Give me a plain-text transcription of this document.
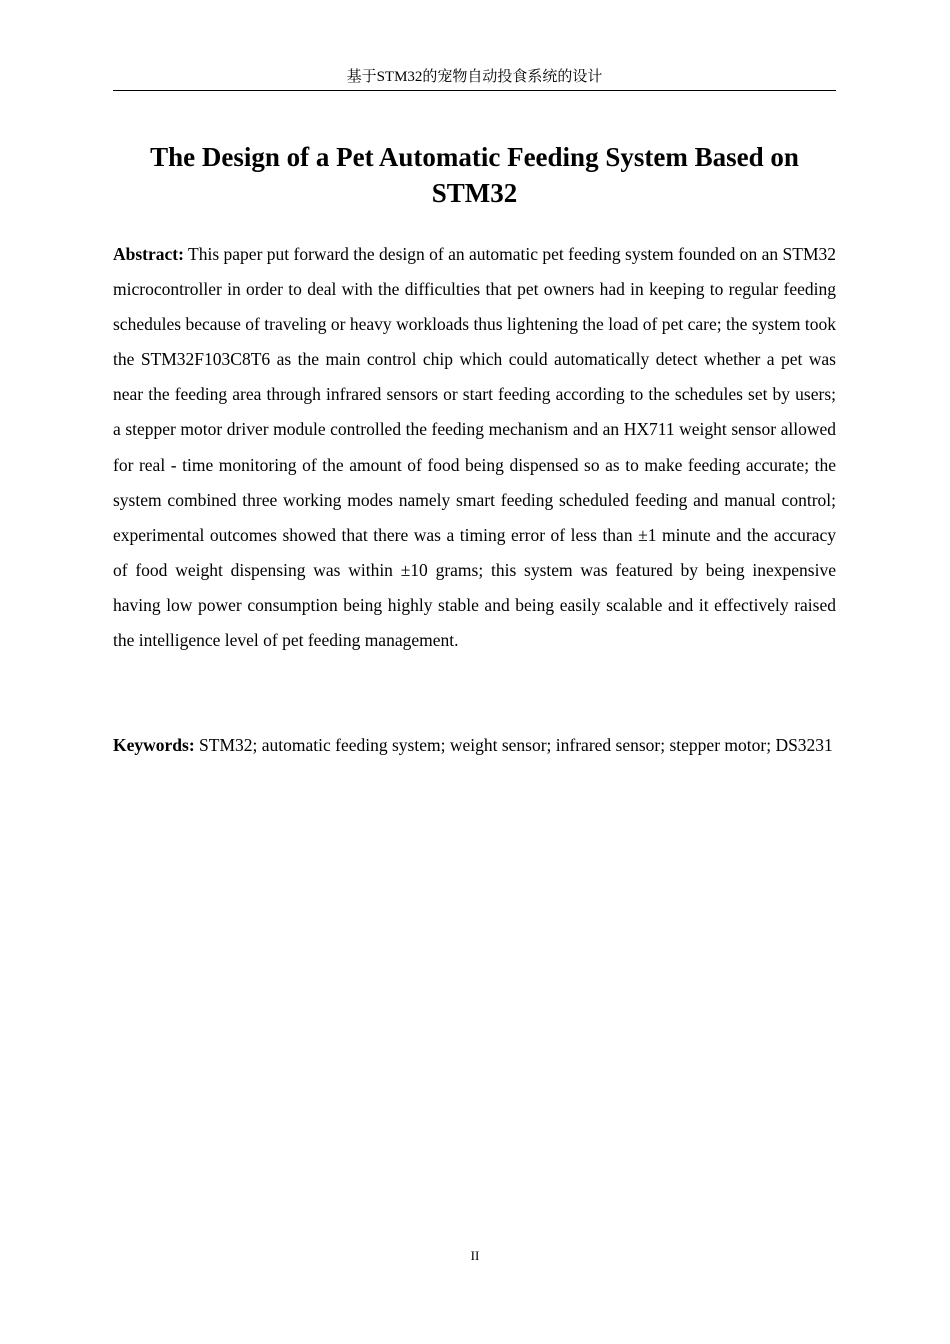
基于STM32的宠物自动投食系统的设计
The Design of a Pet Automatic Feeding System Based on STM32

Abstract: This paper put forward the design of an automatic pet feeding system founded on an STM32 microcontroller in order to deal with the difficulties that pet owners had in keeping to regular feeding schedules because of traveling or heavy workloads thus lightening the load of pet care; the system took the STM32F103C8T6 as the main control chip which could automatically detect whether a pet was near the feeding area through infrared sensors or start feeding according to the schedules set by users; a stepper motor driver module controlled the feeding mechanism and an HX711 weight sensor allowed for real - time monitoring of the amount of food being dispensed so as to make feeding accurate; the system combined three working modes namely smart feeding scheduled feeding and manual control; experimental outcomes showed that there was a timing error of less than ±1 minute and the accuracy of food weight dispensing was within ±10 grams; this system was featured by being inexpensive having low power consumption being highly stable and being easily scalable and it effectively raised the intelligence level of pet feeding management.

Keywords: STM32; automatic feeding system; weight sensor; infrared sensor; stepper motor; DS3231

II
